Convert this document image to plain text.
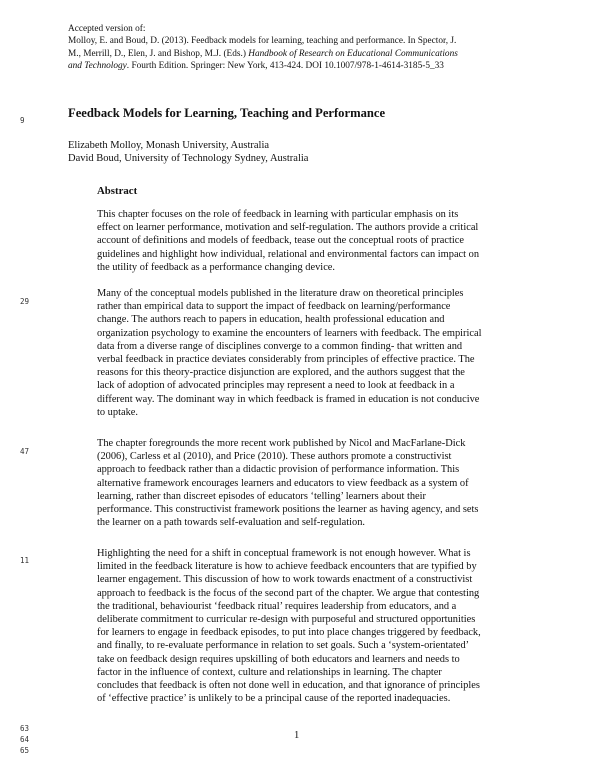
Accepted version of:
Molloy, E. and Boud, D. (2013). Feedback models for learning, teaching and performance. In Spector, J.
M., Merrill, D., Elen, J. and Bishop, M.J. (Eds.) Handbook of Research on Educational Communications
and Technology. Fourth Edition. Springer: New York, 413-424. DOI 10.1007/978-1-4614-3185-5_33
Feedback Models for Learning, Teaching and Performance
Elizabeth Molloy, Monash University, Australia
David Boud, University of Technology Sydney, Australia
Abstract
This chapter focuses on the role of feedback in learning with particular emphasis on its
effect on learner performance, motivation and self-regulation. The authors provide a critical
account of definitions and models of feedback, tease out the conceptual roots of practice
guidelines and highlight how individual, relational and environmental factors can impact on
the utility of feedback as a performance changing device.
Many of the conceptual models published in the literature draw on theoretical principles
rather than empirical data to support the impact of feedback on learning/performance
change. The authors reach to papers in education, health professional education and
organization psychology to examine the encounters of learners with feedback. The empirical
data from a diverse range of disciplines converge to a common finding- that written and
verbal feedback in practice deviates considerably from principles of effective practice. The
reasons for this theory-practice disjunction are explored, and the authors suggest that the
lack of adoption of advocated principles may represent a need to look at feedback in a
different way. The dominant way in which feedback is framed in education is not conducive
to uptake.
The chapter foregrounds the more recent work published by Nicol and MacFarlane-Dick
(2006), Carless et al (2010), and Price (2010). These authors promote a constructivist
approach to feedback rather than a didactic provision of performance information. This
alternative framework encourages learners and educators to view feedback as a system of
learning, rather than discreet episodes of educators ‘telling’ learners about their
performance. This constructivist framework positions the learner as having agency, and sets
the learner on a path towards self-evaluation and self-regulation.
Highlighting the need for a shift in conceptual framework is not enough however. What is
limited in the feedback literature is how to achieve feedback encounters that are typified by
learner engagement. This discussion of how to work towards enactment of a constructivist
approach to feedback is the focus of the second part of the chapter. We argue that contesting
the traditional, behaviourist ‘feedback ritual’ requires leadership from educators, and a
deliberate commitment to curricular re-design with purposeful and structured opportunities
for learners to engage in feedback episodes, to put into place changes triggered by feedback,
and finally, to re-evaluate performance in relation to set goals. Such a ‘system-orientated’
take on feedback design requires upskilling of both educators and learners and needs to
factor in the influence of context, culture and relationships in learning. The chapter
concludes that feedback is often not done well in education, and that ignorance of principles
of ‘effective practice’ is unlikely to be a principal cause of the reported inadequacies.
9
29
47
11
63
64
65
1
